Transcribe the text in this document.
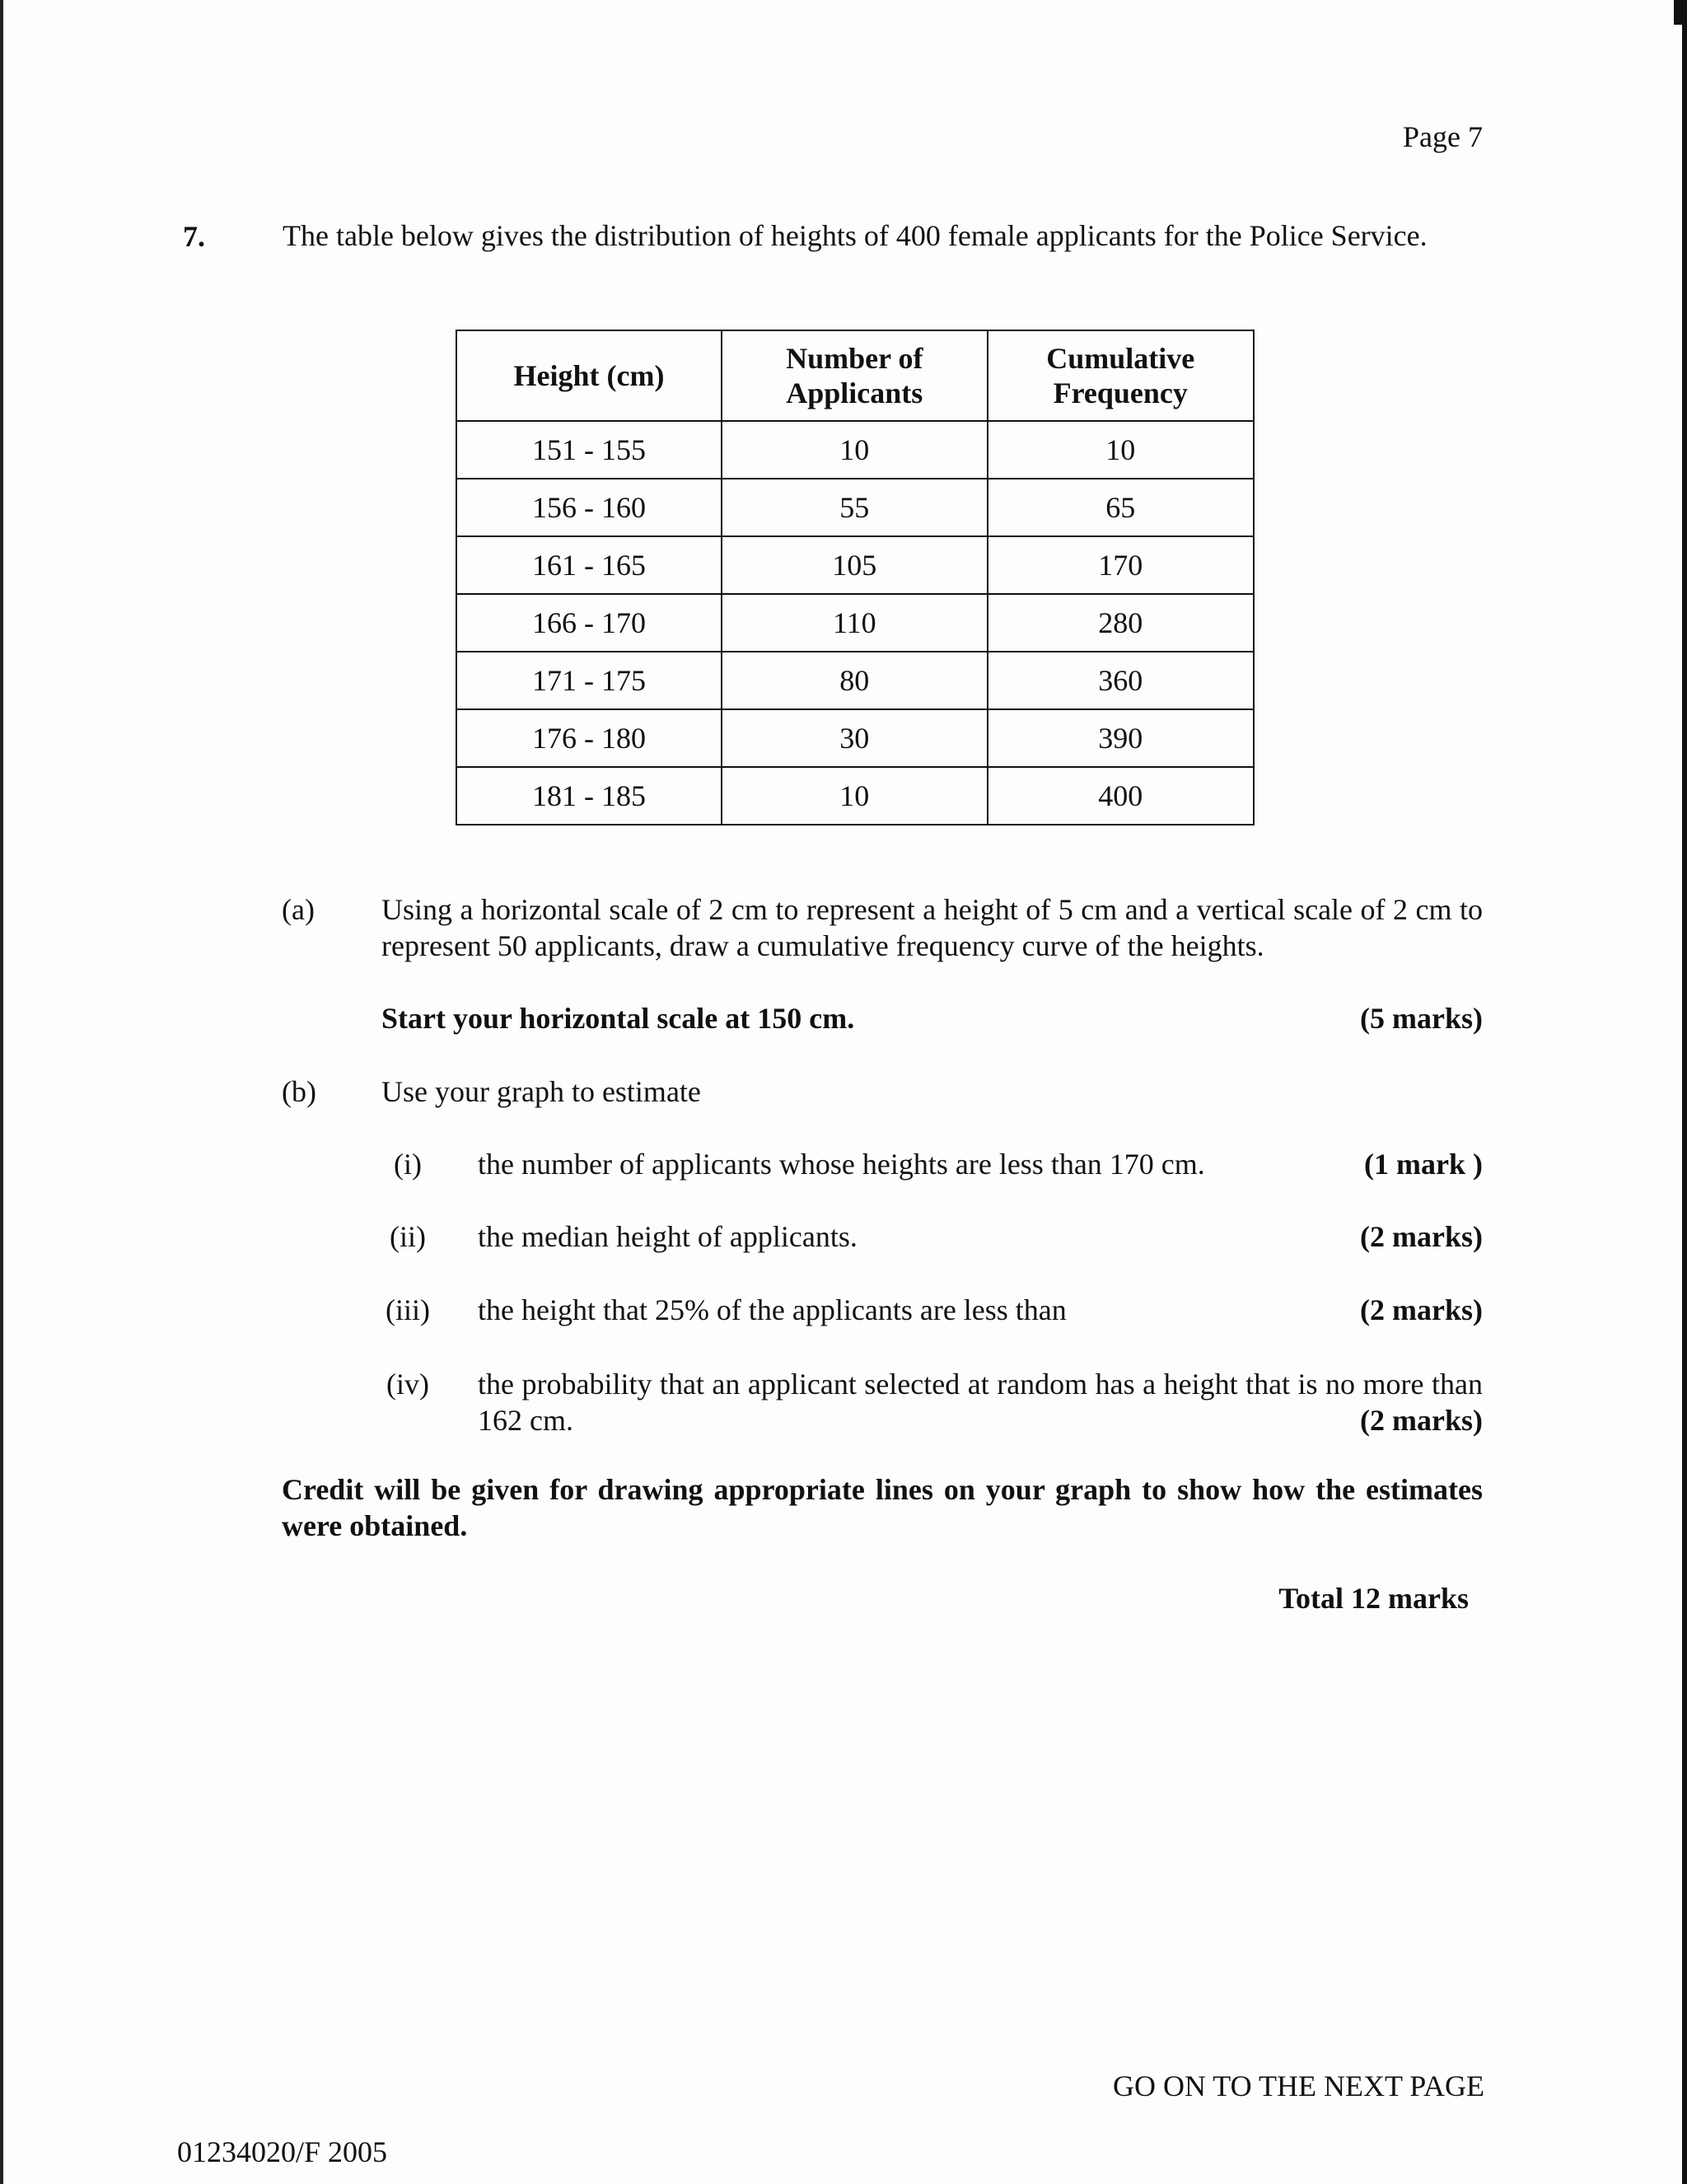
Page 7
7.	The table below gives the distribution of heights of 400 female applicants for the Police Service.
Height (cm)	Number of Applicants	Cumulative Frequency

151 - 155	10	10
156 - 160	55	65
161 - 165	105	170
166 - 170	110	280
171 - 175	80	360
176 - 180	30	390
181 - 185	10	400
(a) Using a horizontal scale of 2 cm to represent a height of 5 cm and a vertical scale of 2 cm to represent 50 applicants, draw a cumulative frequency curve of the heights.
Start your horizontal scale at 150 cm.	(5 marks)
(b) Use your graph to estimate
(i)	the number of applicants whose heights are less than 170 cm.	(1 mark )
(ii)	the median height of applicants.	(2 marks)
(iii)	the height that 25% of the applicants are less than	(2 marks)
(iv)	the probability that an applicant selected at random has a height that is no more than 162 cm.	(2 marks)
Credit will be given for drawing appropriate lines on your graph to show how the estimates were obtained.
Total 12 marks
GO ON TO THE NEXT PAGE
01234020/F 2005
